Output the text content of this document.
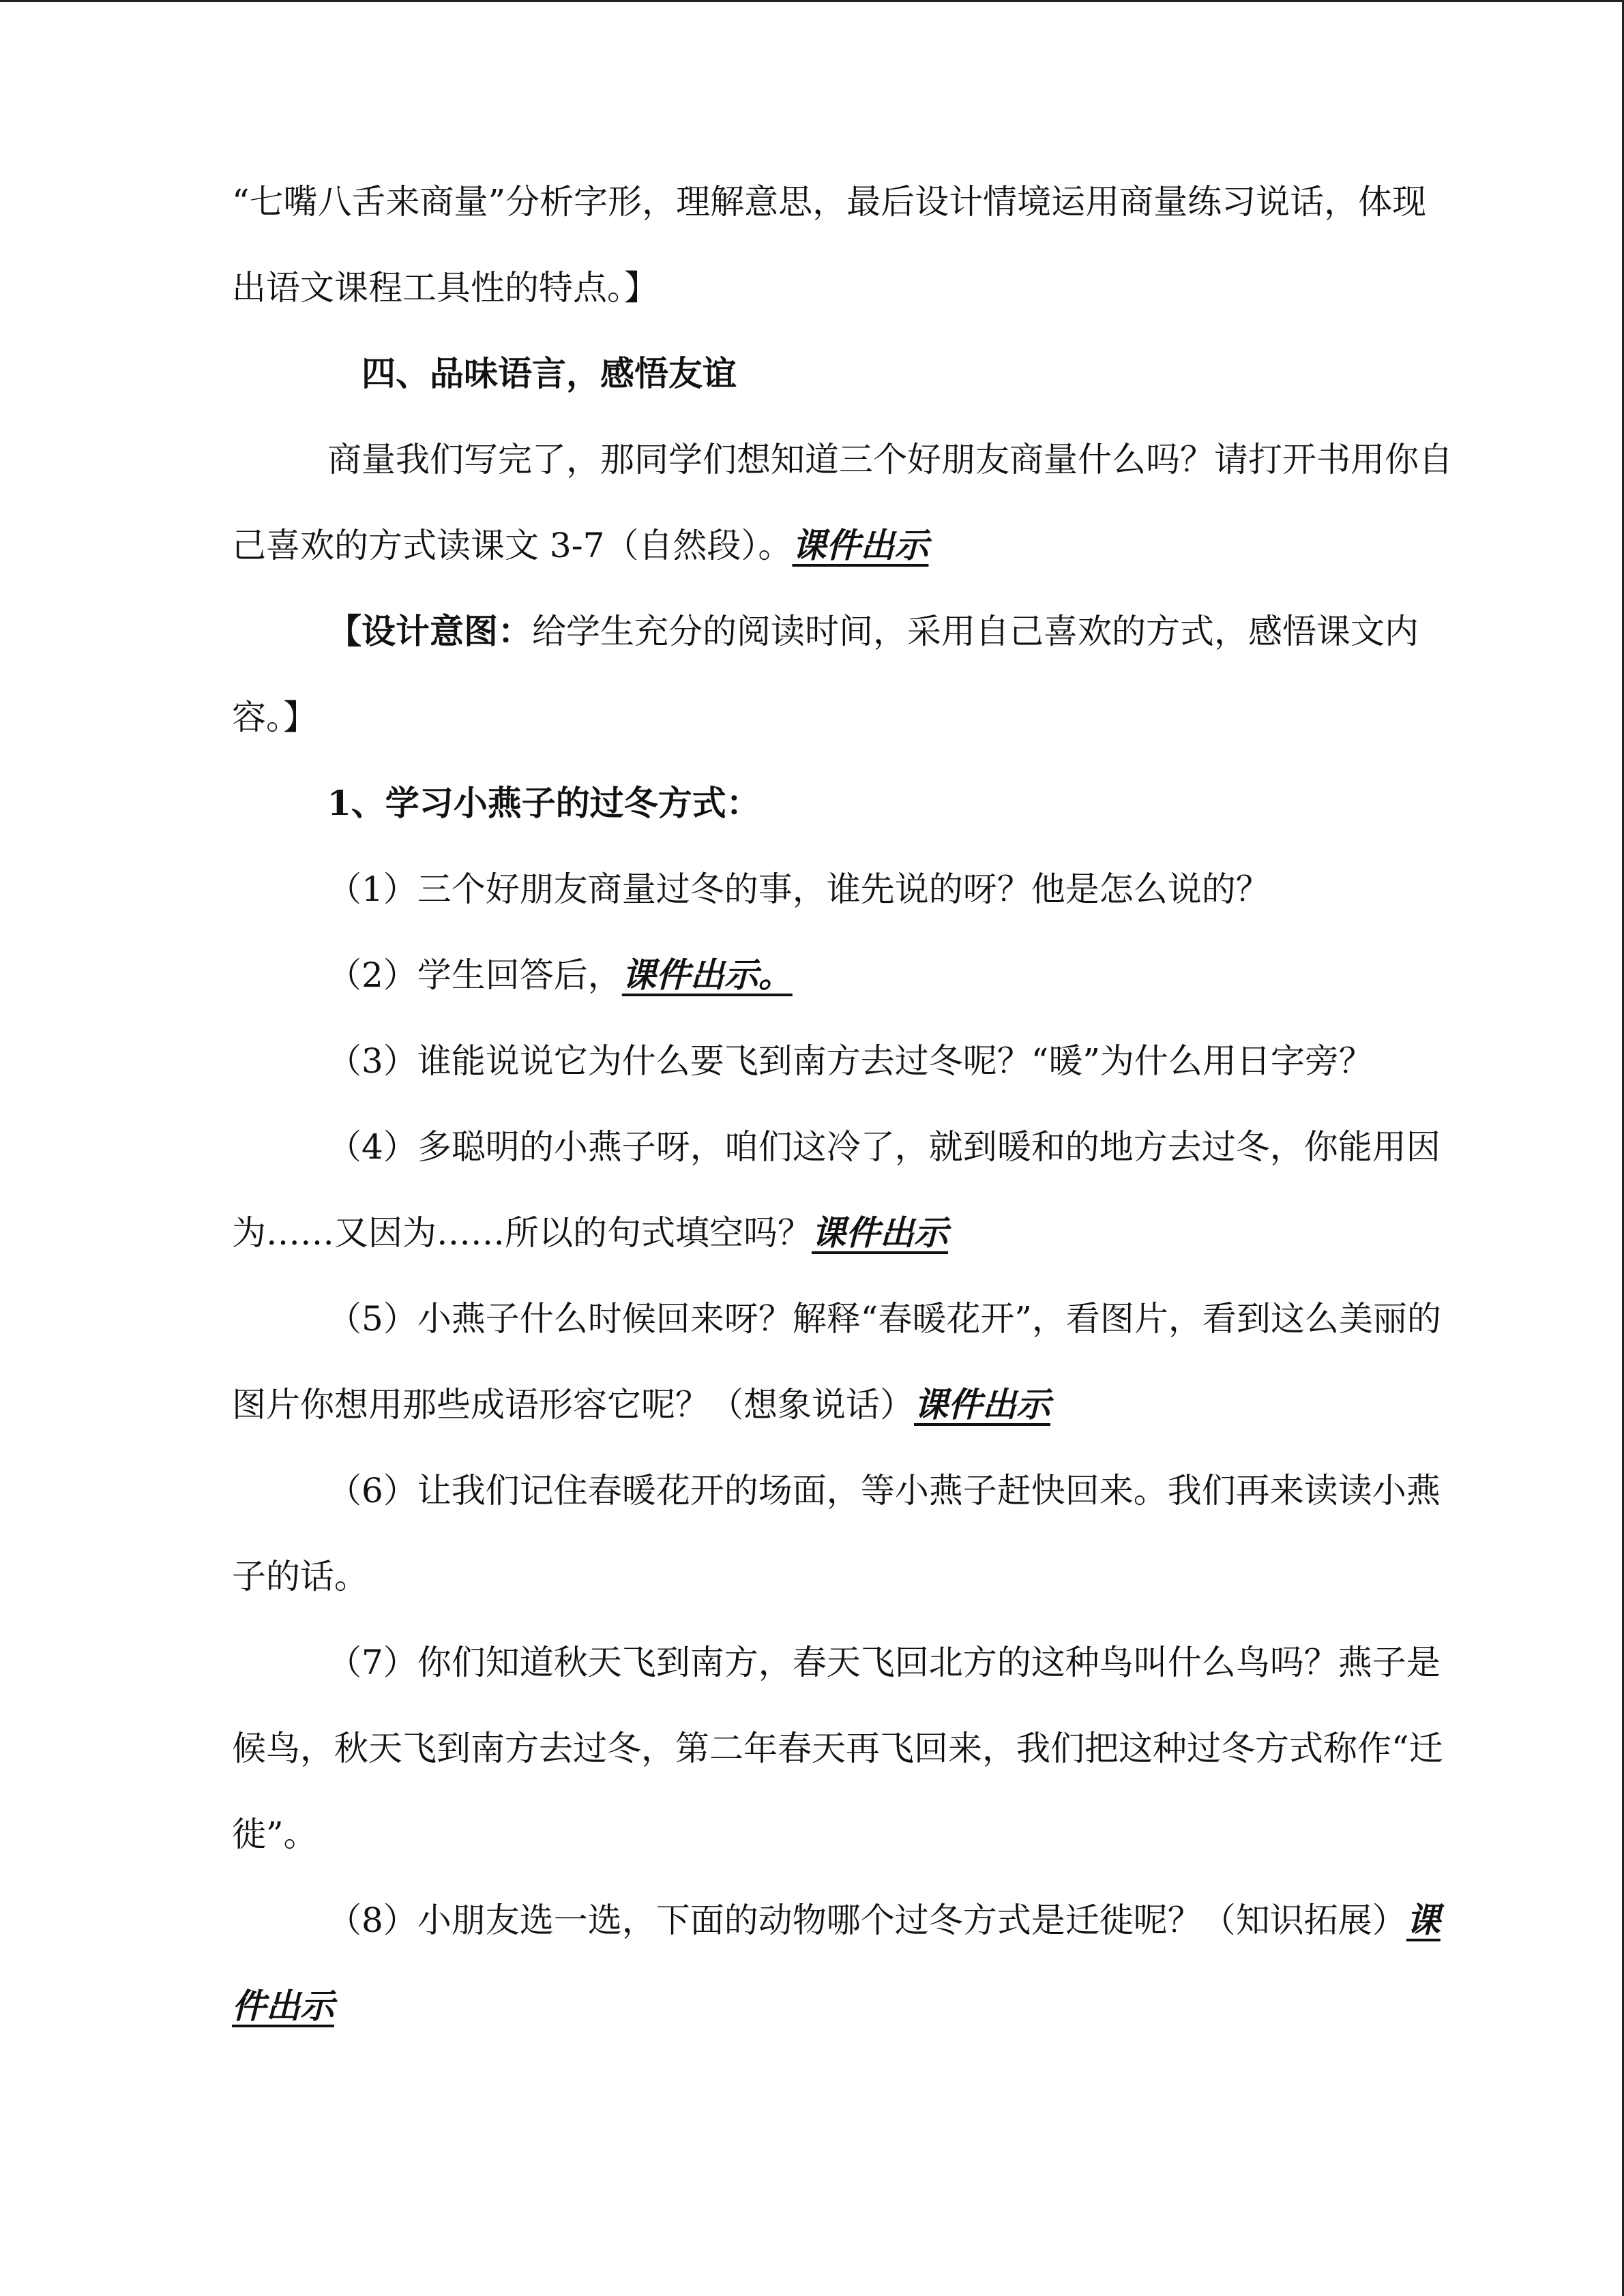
“七嘴八舌来商量”分析字形，理解意思，最后设计情境运用商量练习说话，体现出语文课程工具性的特点。】

四、品味语言，感悟友谊

商量我们写完了，那同学们想知道三个好朋友商量什么吗？请打开书用你自己喜欢的方式读课文 3-7（自然段）。课件出示

【设计意图：给学生充分的阅读时间，采用自己喜欢的方式，感悟课文内容。】

1、学习小燕子的过冬方式：

（1）三个好朋友商量过冬的事，谁先说的呀？他是怎么说的？

（2）学生回答后，课件出示。

（3）谁能说说它为什么要飞到南方去过冬呢？“暖”为什么用日字旁？

（4）多聪明的小燕子呀，咱们这冷了，就到暖和的地方去过冬，你能用因为……又因为……所以的句式填空吗？课件出示

（5）小燕子什么时候回来呀？解释“春暖花开”，看图片，看到这么美丽的图片你想用那些成语形容它呢？（想象说话）课件出示

（6）让我们记住春暖花开的场面，等小燕子赶快回来。我们再来读读小燕子的话。

（7）你们知道秋天飞到南方，春天飞回北方的这种鸟叫什么鸟吗？燕子是候鸟，秋天飞到南方去过冬，第二年春天再飞回来，我们把这种过冬方式称作“迁徙”。

（8）小朋友选一选，下面的动物哪个过冬方式是迁徙呢？（知识拓展）课件出示
